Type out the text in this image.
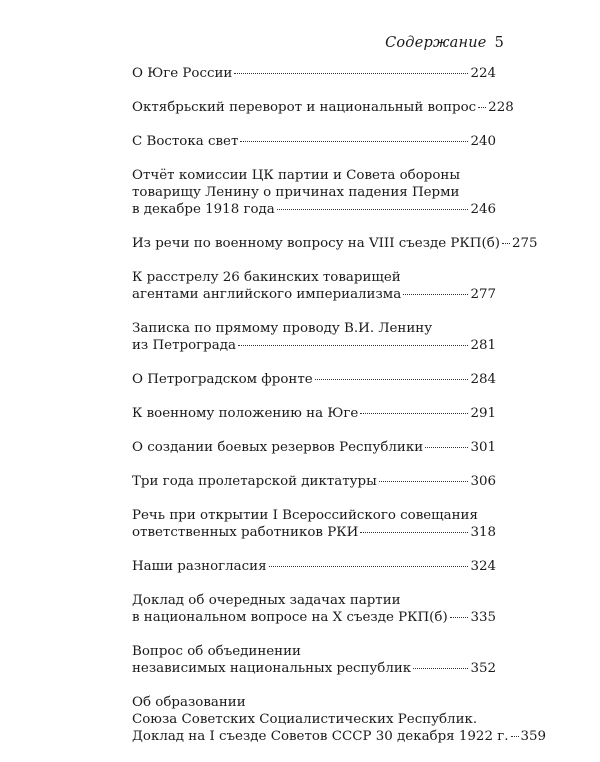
Содержание 5
О Юге России	224
Октябрьский переворот и национальный вопрос 228
С Востока свет	240
Отчёт комиссии ЦК партии и Совета обороны
товарищу Ленину о причинах падения Перми
в декабре 1918 года	246
Из речи по военному вопросу на VIII съезде РКП(б) 275
К расстрелу 26 бакинских товарищей
агентами английского империализма	277
Записка по прямому проводу В.И. Ленину
из Петрограда	281
О Петроградском фронте	284
К военному положению на Юге	291
О создании боевых резервов Республики	301
Три года пролетарской диктатуры	306
Речь при открытии I Всероссийского совещания
ответственных работников РКИ	318
Наши разногласия	324
Доклад об очередных задачах партии
в национальном вопросе на X съезде РКП(б) 335
Вопрос об объединении
независимых национальных республик	352
Об образовании
Союза Советских Социалистических Республик.
Доклад на I съезде Советов СССР 30 декабря 1922 г. 359
